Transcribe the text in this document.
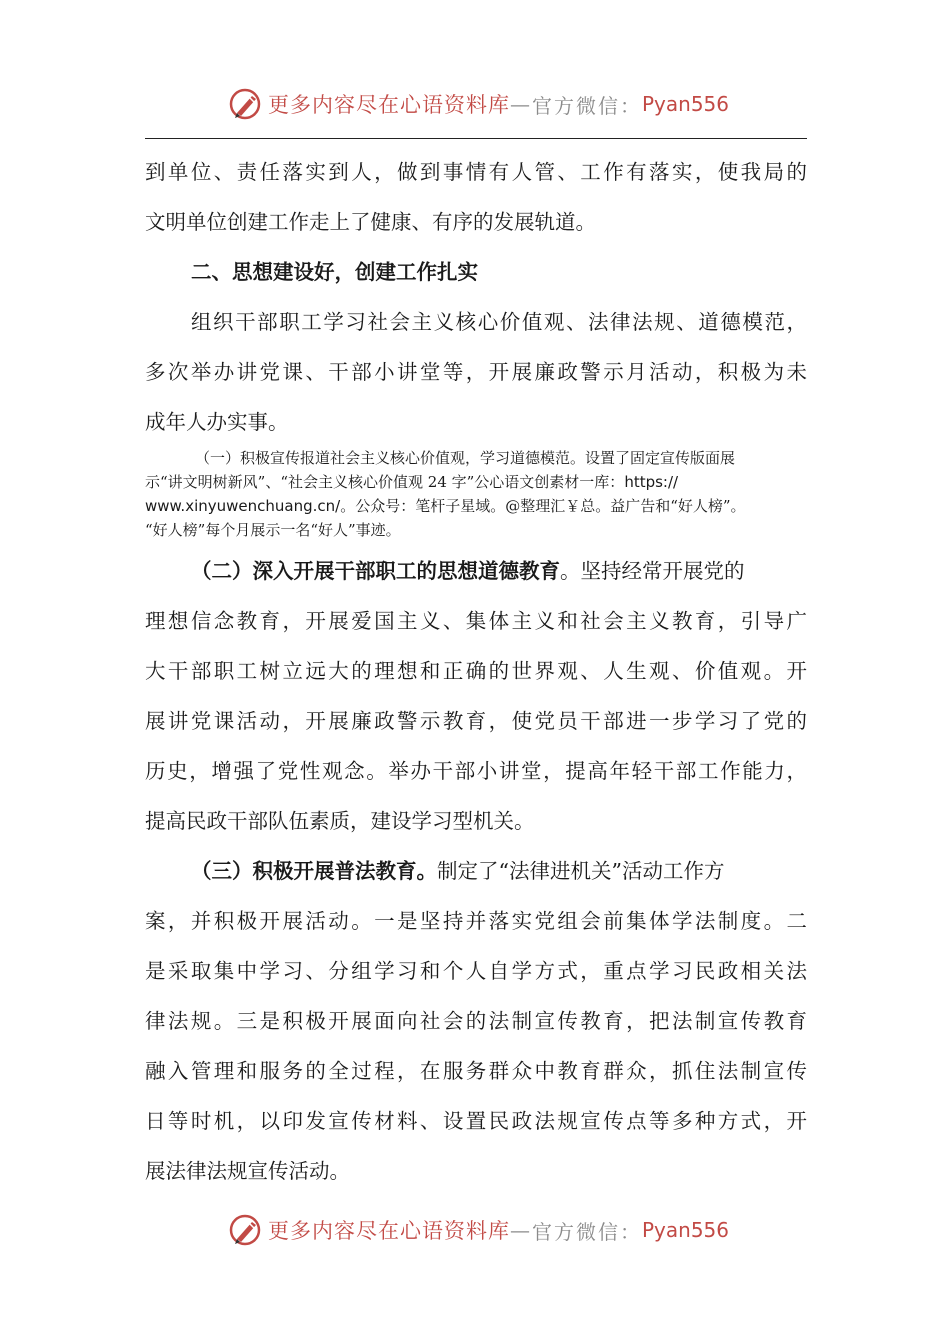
更多内容尽在心语资料库 — 官方微信： Pyan556
到单位、责任落实到人，做到事情有人管、工作有落实，使我局的
文明单位创建工作走上了健康、有序的发展轨道。
二、思想建设好，创建工作扎实
组织干部职工学习社会主义核心价值观、法律法规、道德模范，
多次举办讲党课、干部小讲堂等，开展廉政警示月活动，积极为未
成年人办实事。
（一）积极宣传报道社会主义核心价值观，学习道德模范。设置了固定宣传版面展
示“讲文明树新风”、“社会主义核心价值观 24 字”公心语文创素材一库：https://
www.xinyuwenchuang.cn/。公众号：笔杆子星域。@整理汇￥总。益广告和“好人榜”。
“好人榜”每个月展示一名“好人”事迹。
（二）深入开展干部职工的思想道德教育。坚持经常开展党的
理想信念教育，开展爱国主义、集体主义和社会主义教育，引导广
大干部职工树立远大的理想和正确的世界观、人生观、价值观。开
展讲党课活动，开展廉政警示教育，使党员干部进一步学习了党的
历史，增强了党性观念。举办干部小讲堂，提高年轻干部工作能力，
提高民政干部队伍素质，建设学习型机关。
（三）积极开展普法教育。制定了“法律进机关”活动工作方
案，并积极开展活动。一是坚持并落实党组会前集体学法制度。二
是采取集中学习、分组学习和个人自学方式，重点学习民政相关法
律法规。三是积极开展面向社会的法制宣传教育，把法制宣传教育
融入管理和服务的全过程，在服务群众中教育群众，抓住法制宣传
日等时机，以印发宣传材料、设置民政法规宣传点等多种方式，开
展法律法规宣传活动。
更多内容尽在心语资料库 — 官方微信： Pyan556
